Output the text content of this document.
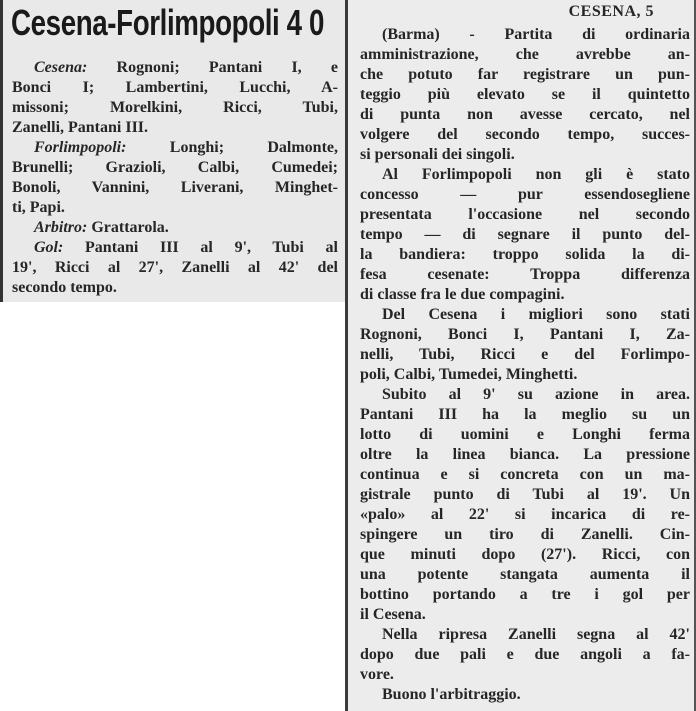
Cesena-Forlimpopoli 4 0
Cesena: Rognoni; Pantani I, e
Bonci I; Lambertini, Lucchi, A-
missoni; Morelkini, Ricci, Tubi,
Zanelli, Pantani III.
Forlimpopoli: Longhi; Dalmonte,
Brunelli; Grazioli, Calbi, Cumedei;
Bonoli, Vannini, Liverani, Minghet-
ti, Papi.
Arbitro: Grattarola.
Gol: Pantani III al 9', Tubi al
19', Ricci al 27', Zanelli al 42' del
secondo tempo.
CESENA, 5
(Barma) - Partita di ordinaria
amministrazione, che avrebbe an-
che potuto far registrare un pun-
teggio più elevato se il quintetto
di punta non avesse cercato, nel
volgere del secondo tempo, succes-
si personali dei singoli.
Al Forlimpopoli non gli è stato
concesso — pur essendosegliene
presentata l'occasione nel secondo
tempo — di segnare il punto del-
la bandiera: troppo solida la di-
fesa cesenate: Troppa differenza
di classe fra le due compagini.
Del Cesena i migliori sono stati
Rognoni, Bonci I, Pantani I, Za-
nelli, Tubi, Ricci e del Forlimpo-
poli, Calbi, Tumedei, Minghetti.
Subito al 9' su azione in area.
Pantani III ha la meglio su un
lotto di uomini e Longhi ferma
oltre la linea bianca. La pressione
continua e si concreta con un ma-
gistrale punto di Tubi al 19'. Un
«palo» al 22' si incarica di re-
spingere un tiro di Zanelli. Cin-
que minuti dopo (27'). Ricci, con
una potente stangata aumenta il
bottino portando a tre i gol per
il Cesena.
Nella ripresa Zanelli segna al 42'
dopo due pali e due angoli a fa-
vore.
Buono l'arbitraggio.
